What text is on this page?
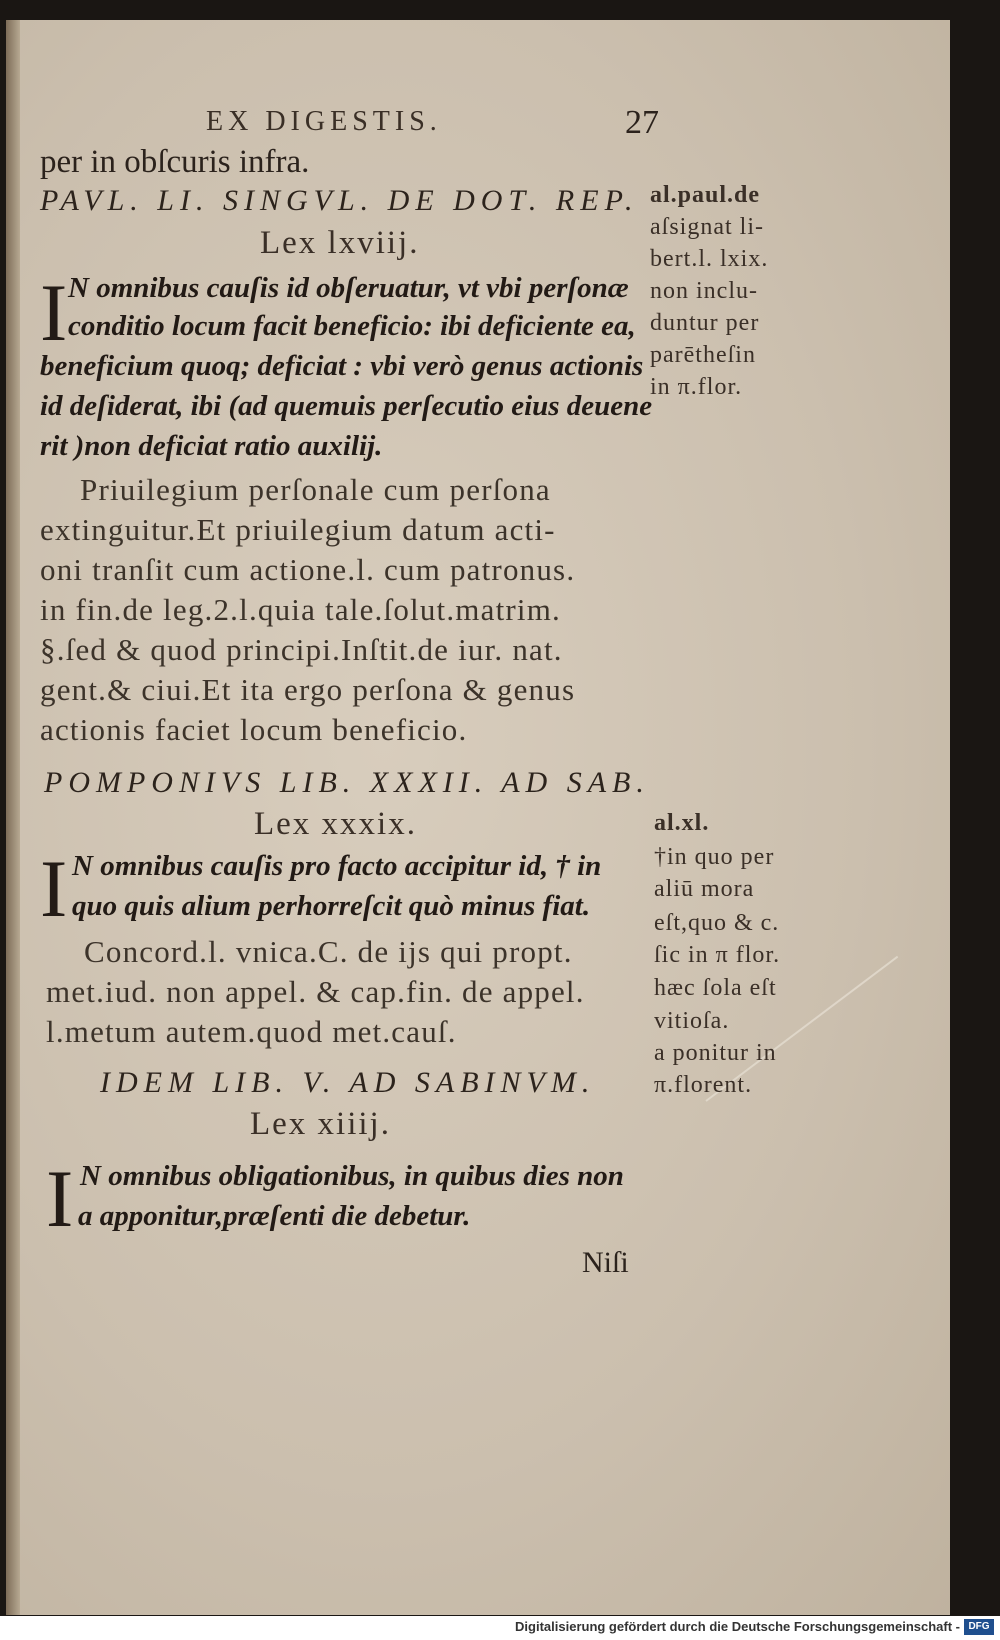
EX DIGESTIS.	27
per in obſcuris infra.
PAVL. LI. SINGVL. DE DOT. REP.
Lex lxviij.
I N omnibus cauſis id obſeruatur, vt vbi perſonæ
conditio locum facit beneficio: ibi deficiente ea,
beneficium quoq; deficiat : vbi verò genus actionis
id deſiderat, ibi (ad quemuis perſecutio eius deuene
rit )non deficiat ratio auxilij.
Priuilegium perſonale cum perſona
extinguitur.Et priuilegium datum acti-
oni tranſit cum actione.l. cum patronus.
in fin.de leg.2.l.quia tale.ſolut.matrim.
§.ſed & quod principi.Inſtit.de iur. nat.
gent.& ciui.Et ita ergo perſona & genus
actionis faciet locum beneficio.
POMPONIVS LIB. XXXII. AD SAB.
Lex xxxix.
I N omnibus cauſis pro facto accipitur id, † in
quo quis alium perhorreſcit quò minus fiat.
Concord.l. vnica.C. de ijs qui propt.
met.iud. non appel. & cap.fin. de appel.
l.metum autem.quod met.cauſ.
IDEM LIB. V. AD SABINVM.
Lex xiiij.
I N omnibus obligationibus, in quibus dies non
a apponitur,præſenti die debetur.
Niſi
al.paul.de
aſsignat li-
bert.l. lxix.
non inclu-
duntur per
parētheſin
in π.flor.
al.xl.
†in quo per
aliū mora
eſt,quo & c.
ſic in π flor.
hæc ſola eſt
vitioſa.
a ponitur in
π.florent.
Digitalisierung gefördert durch die Deutsche Forschungsgemeinschaft - DFG
